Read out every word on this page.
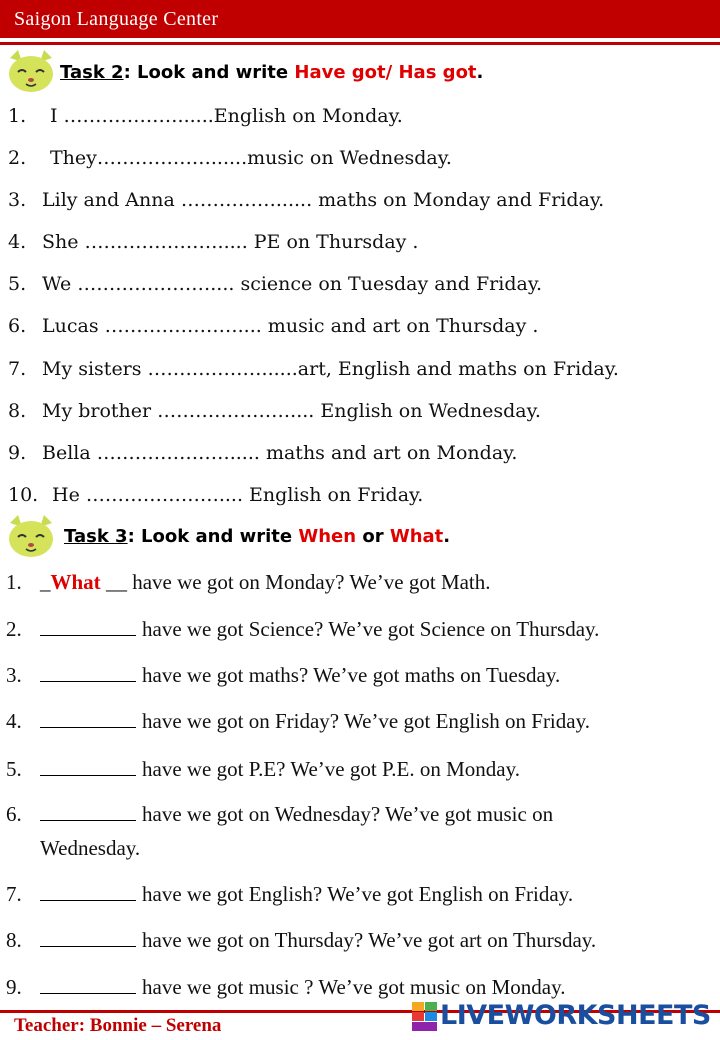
Saigon Language Center
Task 2: Look and write Have got/ Has got.
1. I ………………......English on Monday.
2. They………………......music on Wednesday.
3. Lily and Anna ……………...... maths on Monday and Friday.
4. She …………………..... PE on Thursday .
5. We ………………….... science on Tuesday and Friday.
6. Lucas ………………….... music and art on Thursday .
7. My sisters ………………......art, English and maths on Friday.
8. My brother ………………….... English on Wednesday.
9. Bella …………………..... maths and art on Monday.
10. He ………………….... English on Friday.
Task 3: Look and write When or What.
1. _What __ have we got on Monday? We’ve got Math.
2.	have we got Science? We’ve got Science on Thursday.
3.	have we got maths? We’ve got maths on Tuesday.
4.	have we got on Friday? We’ve got English on Friday.
5.	have we got P.E? We’ve got P.E. on Monday.
6.	have we got on Wednesday? We’ve got music on
Wednesday.
7.	have we got English? We’ve got English on Friday.
8.	have we got on Thursday? We’ve got art on Thursday.
9.	have we got music ? We’ve got music on Monday.
Teacher: Bonnie – Serena	LIVEWORKSHEETS
